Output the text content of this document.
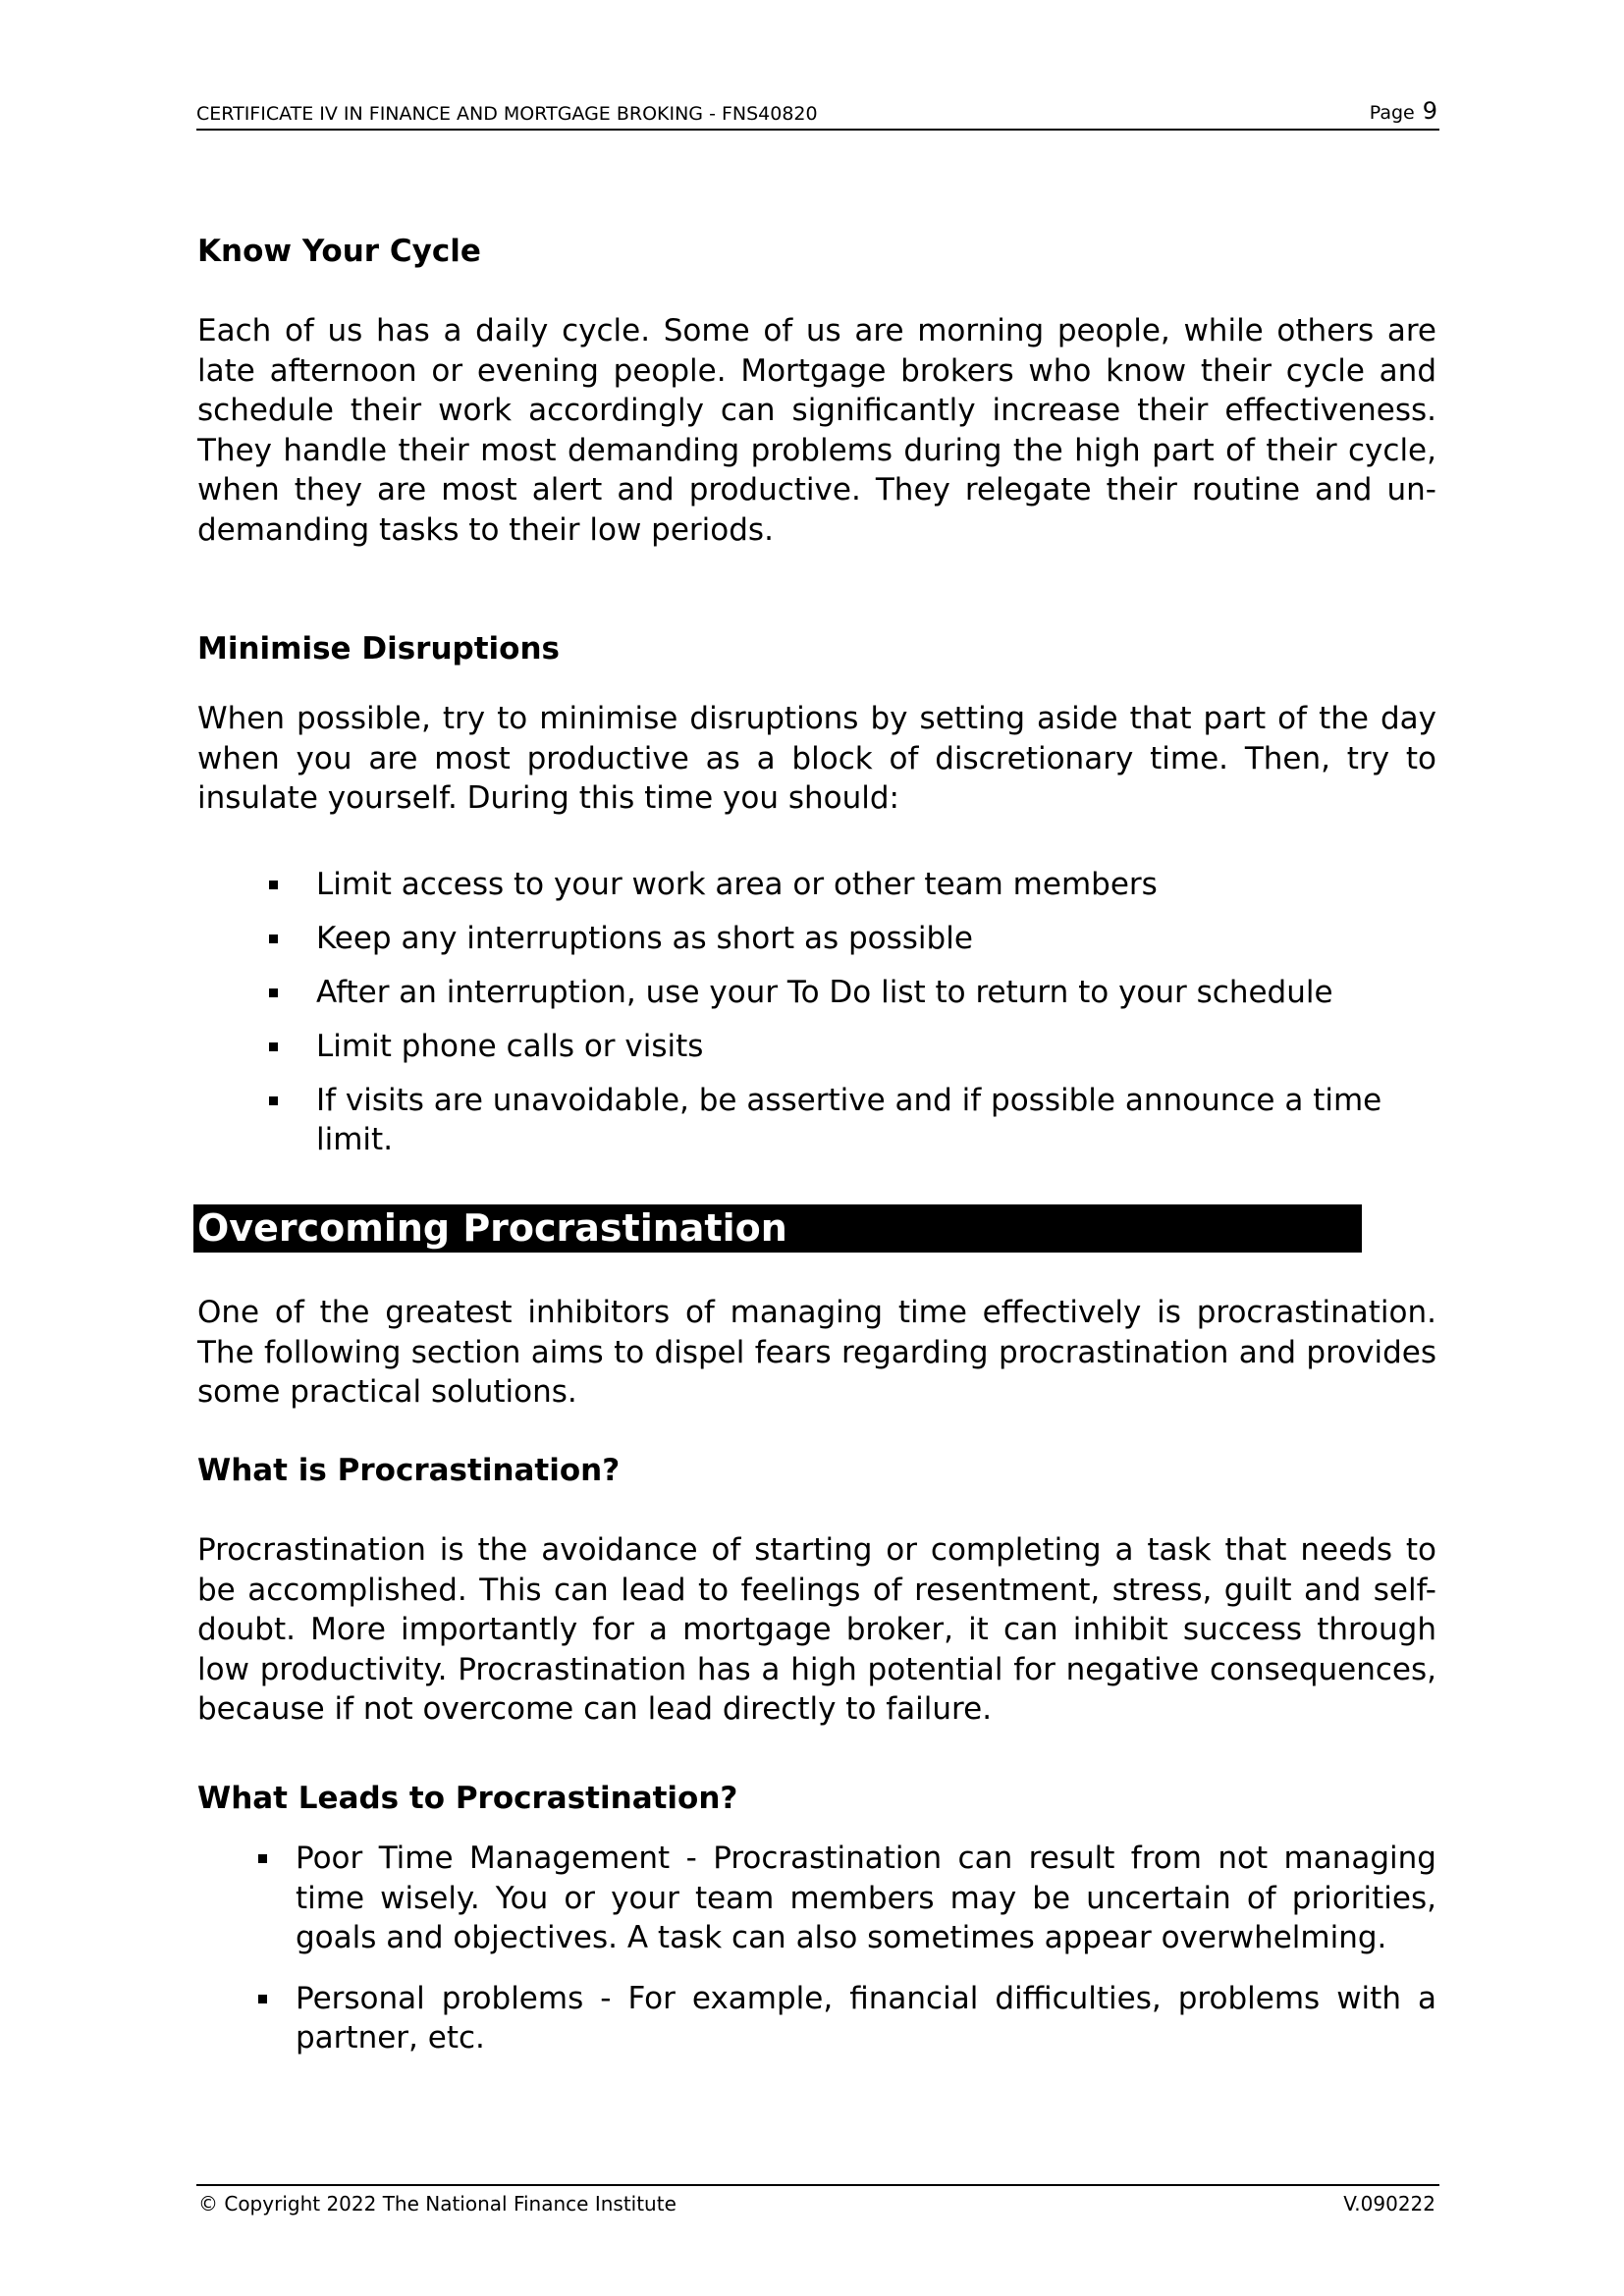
CERTIFICATE IV IN FINANCE AND MORTGAGE BROKING - FNS40820	Page 9
Know Your Cycle

Each of us has a daily cycle. Some of us are morning people, while others are late afternoon or evening people. Mortgage brokers who know their cycle and schedule their work accordingly can significantly increase their effectiveness. They handle their most demanding problems during the high part of their cycle, when they are most alert and productive. They relegate their routine and un-demanding tasks to their low periods.

Minimise Disruptions

When possible, try to minimise disruptions by setting aside that part of the day when you are most productive as a block of discretionary time. Then, try to insulate yourself. During this time you should:

Limit access to your work area or other team members
Keep any interruptions as short as possible
After an interruption, use your To Do list to return to your schedule
Limit phone calls or visits
If visits are unavoidable, be assertive and if possible announce a time limit.
Overcoming Procrastination

One of the greatest inhibitors of managing time effectively is procrastination. The following section aims to dispel fears regarding procrastination and provides some practical solutions.

What is Procrastination?

Procrastination is the avoidance of starting or completing a task that needs to be accomplished. This can lead to feelings of resentment, stress, guilt and self-doubt. More importantly for a mortgage broker, it can inhibit success through low productivity. Procrastination has a high potential for negative consequences, because if not overcome can lead directly to failure.

What Leads to Procrastination?
Poor Time Management - Procrastination can result from not managing time wisely. You or your team members may be uncertain of priorities, goals and objectives. A task can also sometimes appear overwhelming.
Personal problems - For example, financial difficulties, problems with a partner, etc.
© Copyright 2022 The National Finance Institute	V.090222
